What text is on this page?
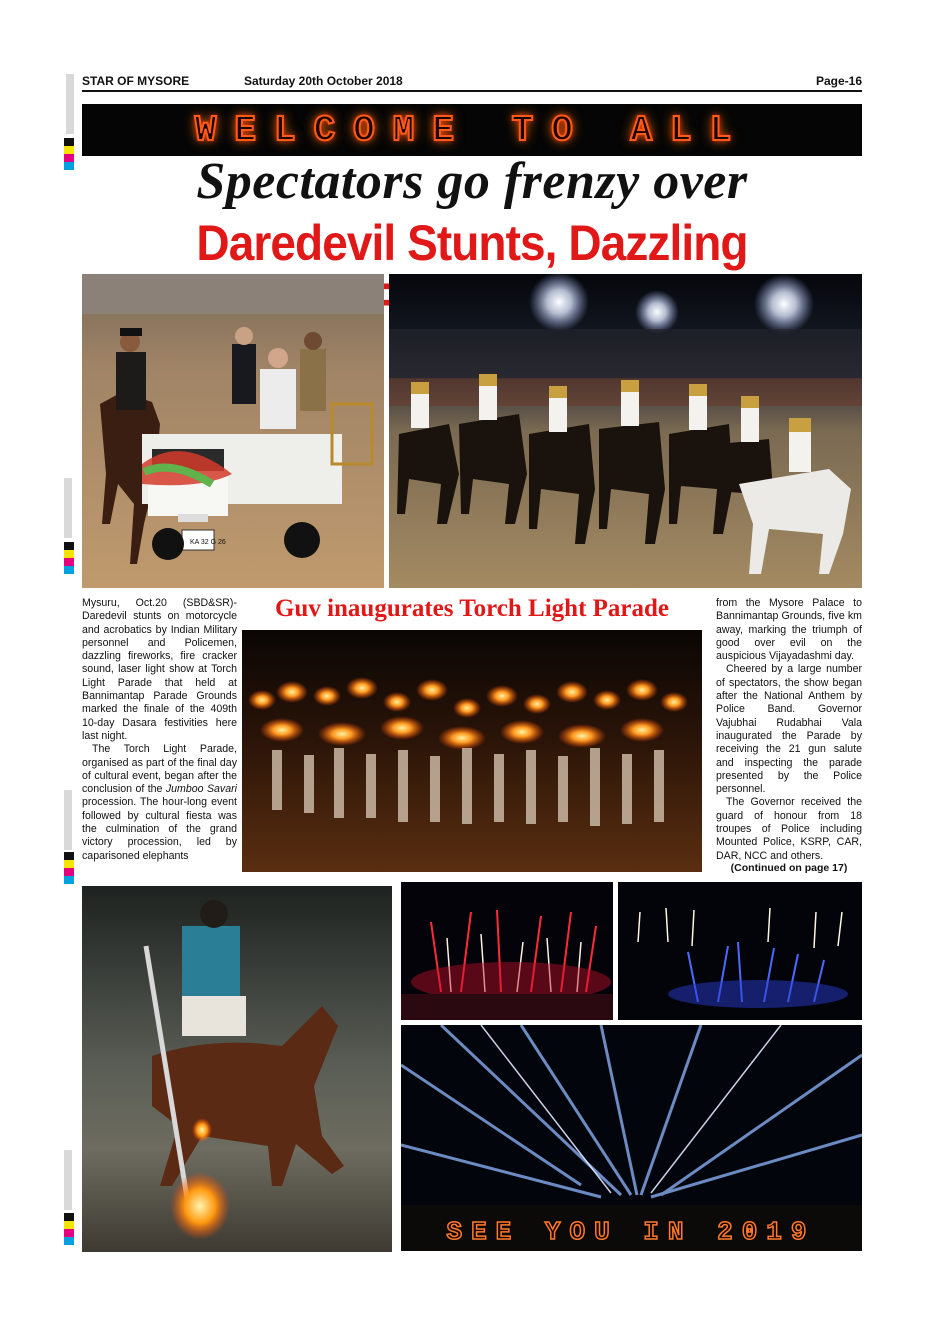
STAR OF MYSORE	Saturday 20th October 2018	Page-16
WELCOME TO ALL
Spectators go frenzy over
Daredevil Stunts, Dazzling
KA 32 G 26

Mysuru, Oct.20 (SBD&SR)- Daredevil stunts on motorcycle and acrobatics by Indian Military personnel and Policemen, dazzling fireworks, fire cracker sound, laser light show at Torch Light Parade that held at Bannimantap Parade Grounds marked the finale of the 409th 10-day Dasara festivities here last night.

The Torch Light Parade, organised as part of the final day of cultural event, began after the conclusion of the Jumboo Savari procession. The hour-long event followed by cultural fiesta was the culmination of the grand victory procession, led by caparisoned elephants

Guv inaugurates Torch Light Parade	from the Mysore Palace to Bannimantap Grounds, five km away, marking the triumph of good over evil on the auspicious Vijayadashmi day.

Cheered by a large number of spectators, the show began after the National Anthem by Police Band. Governor Vajubhai Rudabhai Vala inaugurated the Parade by receiving the 21 gun salute and inspecting the parade presented by the Police personnel.

The Governor received the guard of honour from 18 troupes of Police including Mounted Police, KSRP, CAR, DAR, NCC and others.

(Continued on page 17)
SEE YOU IN 2019
